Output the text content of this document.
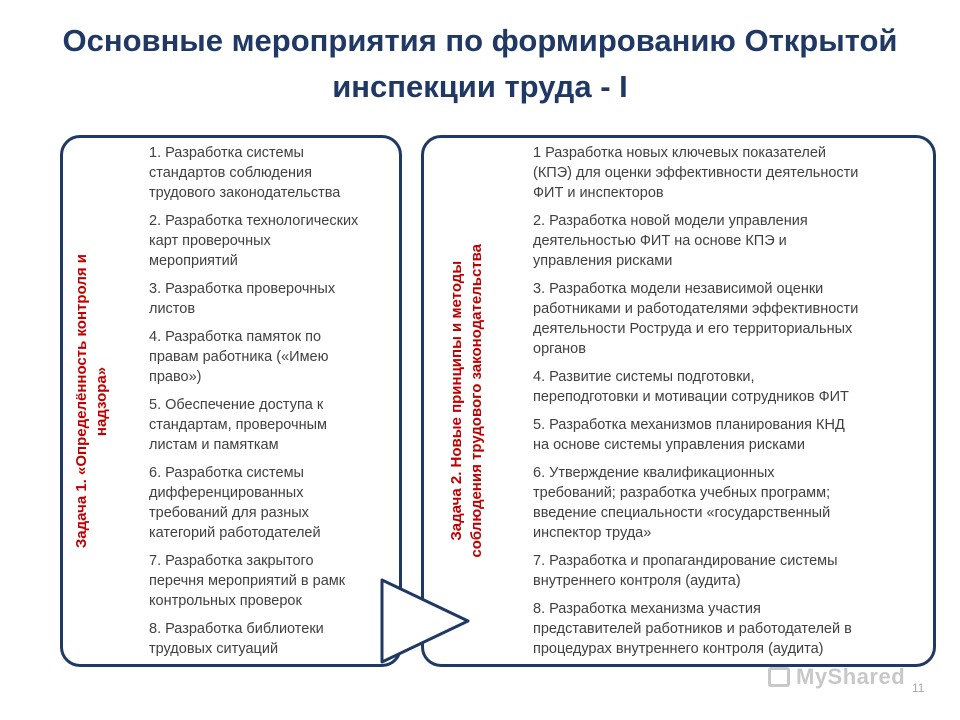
Основные мероприятия по формированию Открытой
инспекции труда - I
Задача 1. «Определённость контроля и надзора»
1. Разработка системы
стандартов соблюдения
трудового законодательства
2. Разработка технологических
карт проверочных
мероприятий
3. Разработка проверочных
листов
4. Разработка памяток по
правам работника («Имею
право»)
5. Обеспечение доступа к
стандартам, проверочным
листам и памяткам
6. Разработка системы
дифференцированных
требований для разных
категорий работодателей
7. Разработка закрытого
перечня мероприятий в рамк
контрольных проверок
8. Разработка библиотеки
трудовых ситуаций
Задача 2. Новые принципы и методы соблюдения трудового законодательства
1 Разработка новых ключевых показателей
(КПЭ) для оценки эффективности деятельности
ФИТ и инспекторов
2. Разработка новой модели управления
деятельностью ФИТ на основе КПЭ и
управления рисками
3. Разработка модели независимой оценки
работниками и работодателями эффективности
деятельности Роструда и его территориальных
органов
4. Развитие системы подготовки,
переподготовки и мотивации сотрудников ФИТ
5. Разработка механизмов планирования КНД
на основе системы управления рисками
6. Утверждение квалификационных
требований; разработка учебных программ;
введение специальности «государственный
инспектор труда»
7. Разработка и пропагандирование системы
внутреннего контроля (аудита)
8. Разработка механизма участия
представителей работников и работодателей в
процедурах внутреннего контроля (аудита)
MyShared 11
